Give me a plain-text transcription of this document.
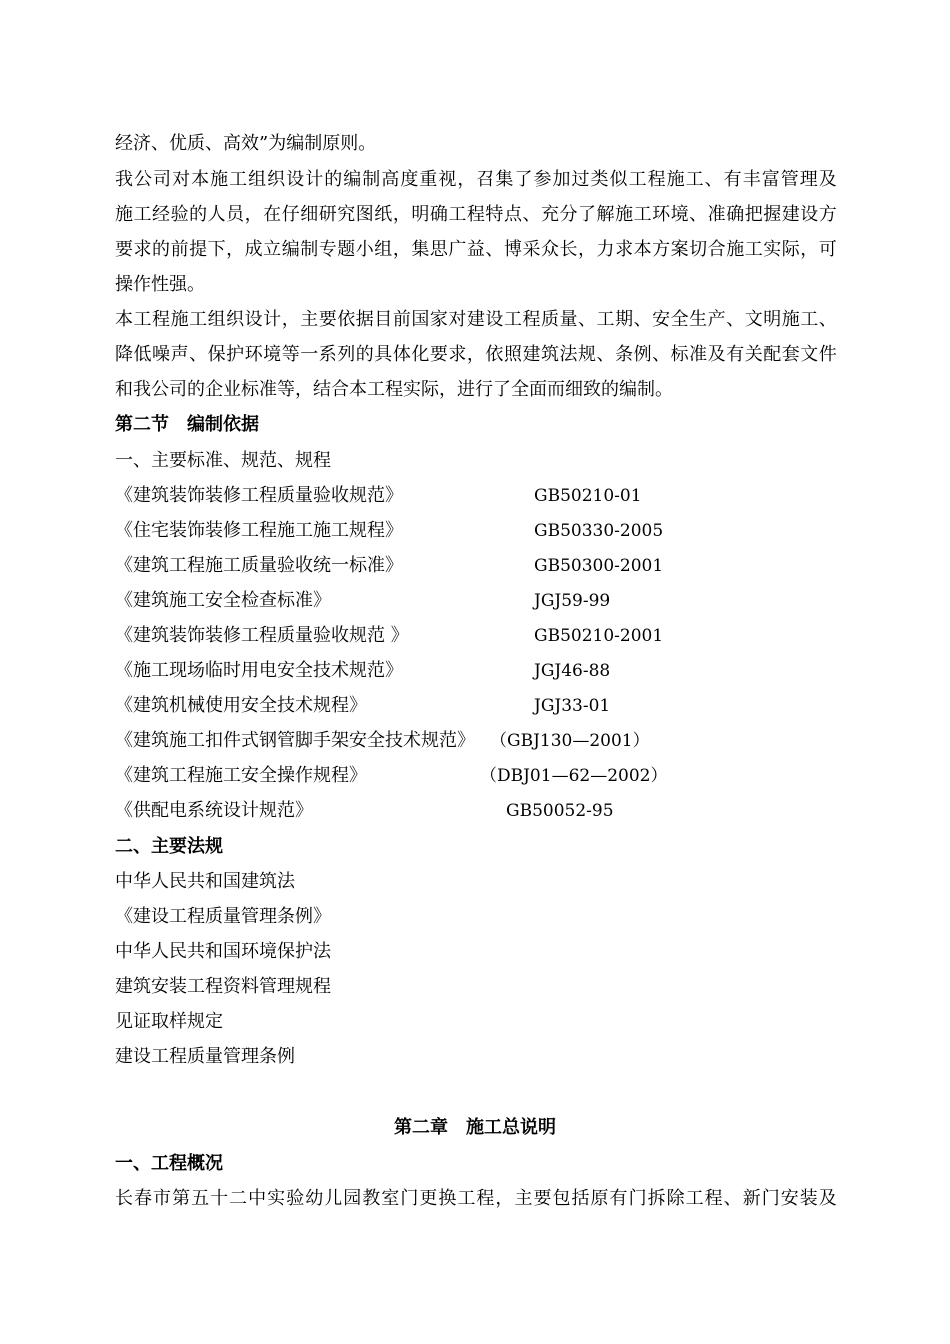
经济、优质、高效”为编制原则。
我公司对本施工组织设计的编制高度重视，召集了参加过类似工程施工、有丰富管理及
施工经验的人员，在仔细研究图纸，明确工程特点、充分了解施工环境、准确把握建设方
要求的前提下，成立编制专题小组，集思广益、博采众长，力求本方案切合施工实际，可
操作性强。
本工程施工组织设计，主要依据目前国家对建设工程质量、工期、安全生产、文明施工、
降低噪声、保护环境等一系列的具体化要求，依照建筑法规、条例、标准及有关配套文件
和我公司的企业标准等，结合本工程实际，进行了全面而细致的编制。
第二节　编制依据
一、主要标准、规范、规程
《建筑装饰装修工程质量验收规范》	GB50210-01
《住宅装饰装修工程施工施工规程》	GB50330-2005
《建筑工程施工质量验收统一标准》	GB50300-2001
《建筑施工安全检查标准》	JGJ59-99
《建筑装饰装修工程质量验收规范 》	GB50210-2001
《施工现场临时用电安全技术规范》	JGJ46-88
《建筑机械使用安全技术规程》	JGJ33-01
《建筑施工扣件式钢管脚手架安全技术规范》 （GBJ130—2001）
《建筑工程施工安全操作规程》	（DBJ01—62—2002）
《供配电系统设计规范》	GB50052-95
二、主要法规
中华人民共和国建筑法
《建设工程质量管理条例》
中华人民共和国环境保护法
建筑安装工程资料管理规程
见证取样规定
建设工程质量管理条例
第二章　施工总说明
一、工程概况
长春市第五十二中实验幼儿园教室门更换工程，主要包括原有门拆除工程、新门安装及
